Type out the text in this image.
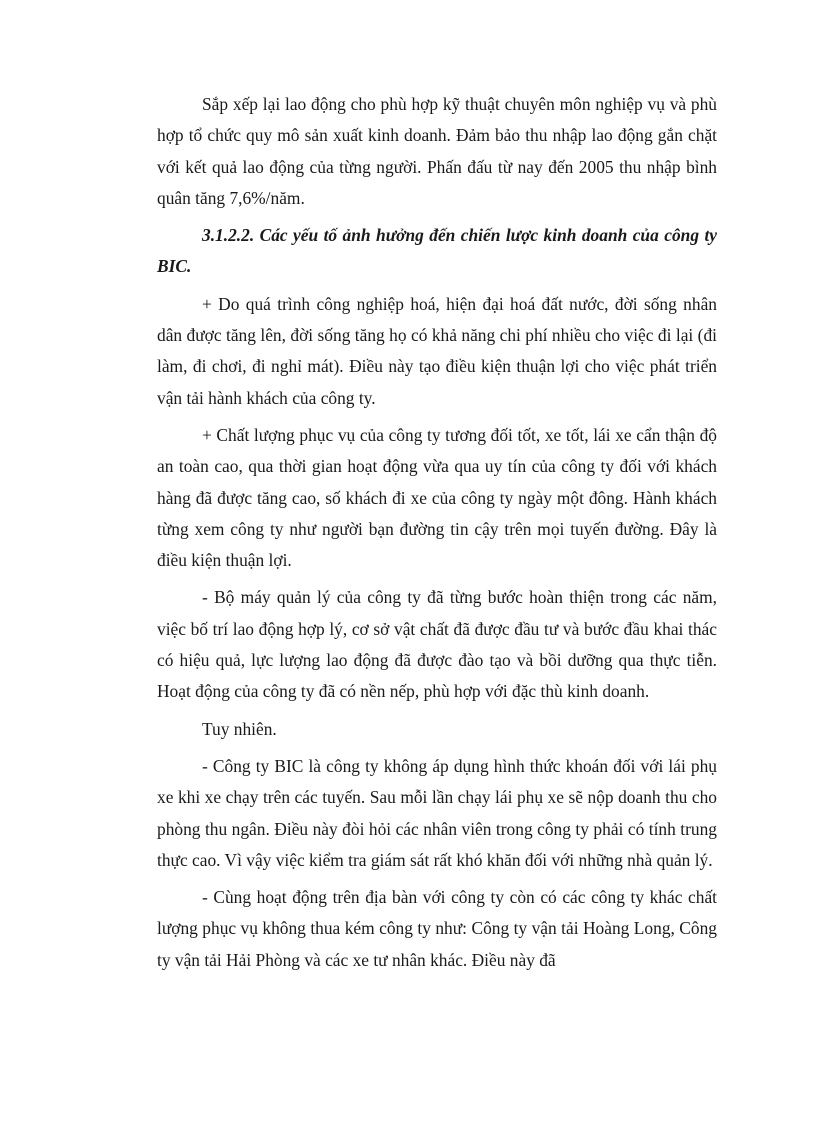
Sắp xếp lại lao động cho phù hợp kỹ thuật chuyên môn nghiệp vụ và phù hợp tổ chức quy mô sản xuất kinh doanh. Đảm bảo thu nhập lao động gắn chặt với kết quả lao động của từng người. Phấn đấu từ nay đến 2005 thu nhập bình quân tăng 7,6%/năm.

3.1.2.2. Các yếu tố ảnh hưởng đến chiến lược kinh doanh của công ty BIC.

+ Do quá trình công nghiệp hoá, hiện đại hoá đất nước, đời sống nhân dân được tăng lên, đời sống tăng họ có khả năng chi phí nhiều cho việc đi lại (đi làm, đi chơi, đi nghỉ mát). Điều này tạo điều kiện thuận lợi cho việc phát triển vận tải hành khách của công ty.

+ Chất lượng phục vụ của công ty tương đối tốt, xe tốt, lái xe cẩn thận độ an toàn cao, qua thời gian hoạt động vừa qua uy tín của công ty đối với khách hàng đã được tăng cao, số khách đi xe của công ty ngày một đông. Hành khách từng xem công ty như người bạn đường tin cậy trên mọi tuyến đường. Đây là điều kiện thuận lợi.

- Bộ máy quản lý của công ty đã từng bước hoàn thiện trong các năm, việc bố trí lao động hợp lý, cơ sở vật chất đã được đầu tư và bước đầu khai thác có hiệu quả, lực lượng lao động đã được đào tạo và bồi dưỡng qua thực tiễn. Hoạt động của công ty đã có nền nếp, phù hợp với đặc thù kinh doanh.

Tuy nhiên.

- Công ty BIC là công ty không áp dụng hình thức khoán đối với lái phụ xe khi xe chạy trên các tuyến. Sau mỗi lần chạy lái phụ xe sẽ nộp doanh thu cho phòng thu ngân. Điều này đòi hỏi các nhân viên trong công ty phải có tính trung thực cao. Vì vậy việc kiểm tra giám sát rất khó khăn đối với những nhà quản lý.

- Cùng hoạt động trên địa bàn với công ty còn có các công ty khác chất lượng phục vụ không thua kém công ty như: Công ty vận tải Hoàng Long, Công ty vận tải Hải Phòng và các xe tư nhân khác. Điều này đã
